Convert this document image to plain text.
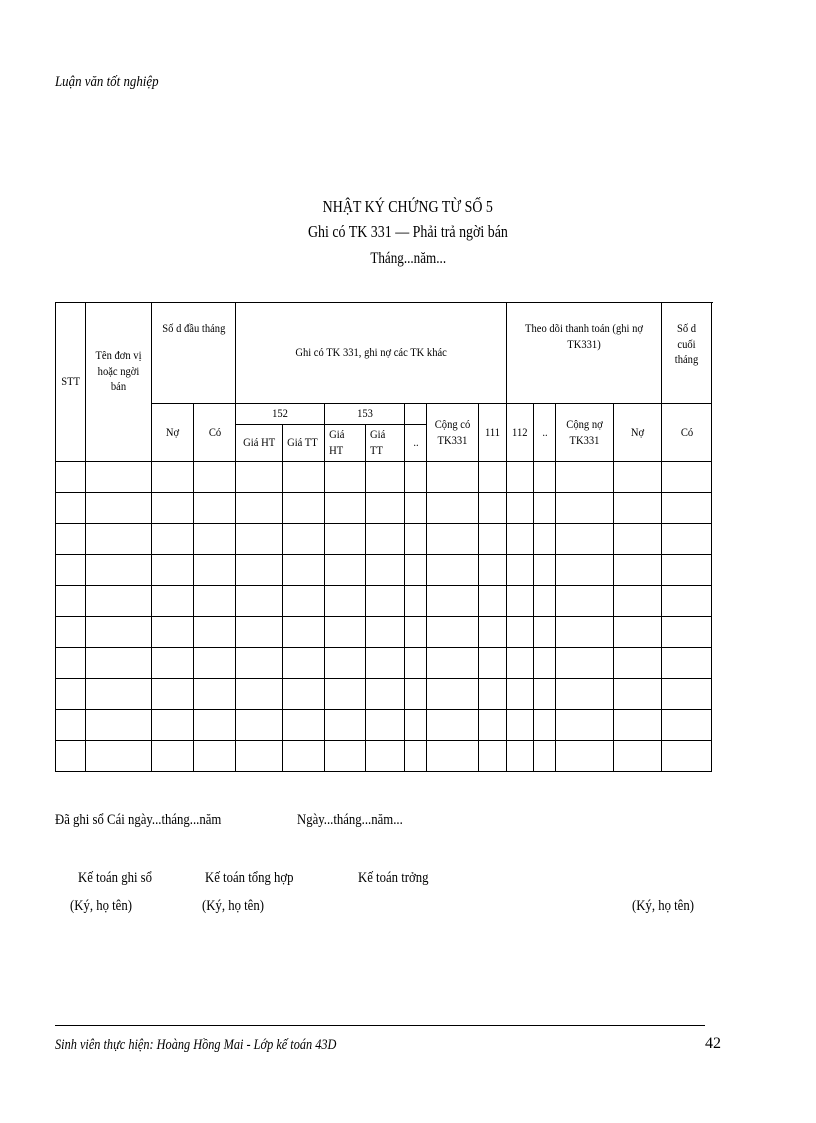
Luận văn tốt nghiệp
NHẬT KÝ CHỨNG TỪ SỐ 5
Ghi có TK 331 — Phải trả ngời bán
Tháng...năm...
STT	Tên đơn vị hoặc ngời bán	Số d đầu tháng		Ghi có TK 331, ghi nợ các TK khác							Theo dõi thanh toán (ghi nợ TK331)				Số d cuối tháng
		Nợ	Có	152		153			Cộng có TK331	111	112	..	Cộng nợ TK331	Nợ	Có
				Giá HT	Giá TT	Giá HT	Giá TT	..							

Đã ghi sổ Cái ngày...tháng...năm	Ngày...tháng...năm...
Kế toán ghi sổ	Kế toán tổng hợp	Kế toán trởng
(Ký, họ tên)	(Ký, họ tên)	(Ký, họ tên)
Sinh viên thực hiện: Hoàng Hồng Mai - Lớp kế toán 43D	42
